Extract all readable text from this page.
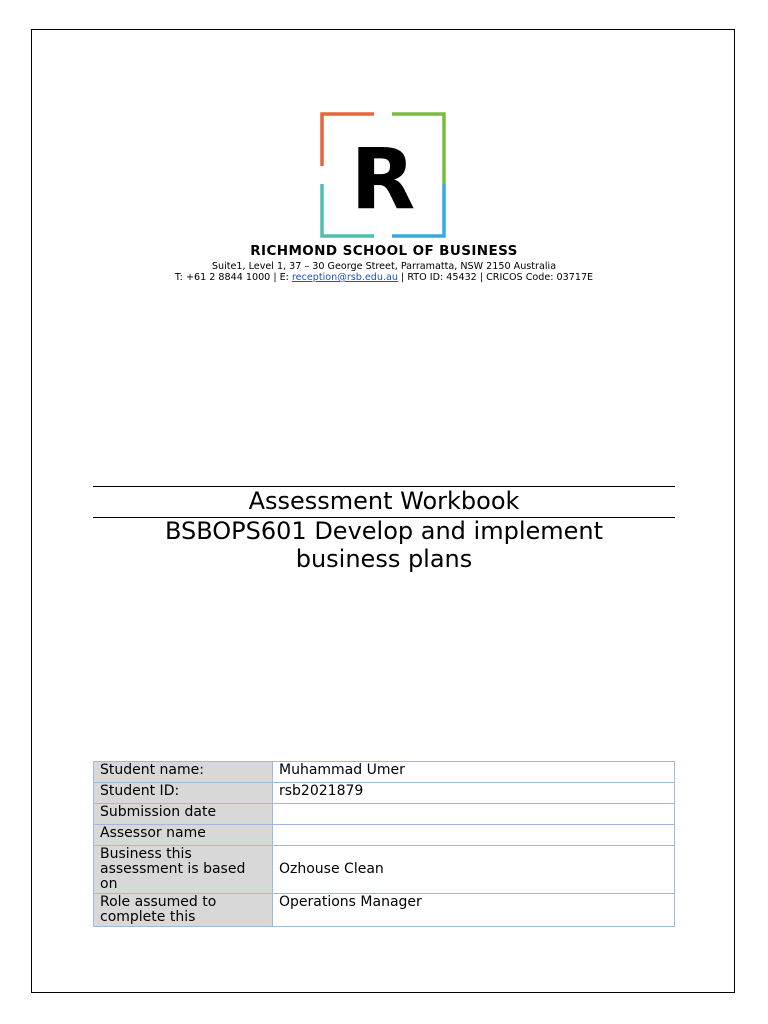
R
RICHMOND SCHOOL OF BUSINESS
Suite1, Level 1, 37 – 30 George Street, Parramatta, NSW 2150 Australia
T: +61 2 8844 1000 | E: reception@rsb.edu.au | RTO ID: 45432 | CRICOS Code: 03717E
Assessment Workbook
BSBOPS601 Develop and implement
business plans
Student name:	Muhammad Umer
Student ID:	rsb2021879
Submission date	
Assessor name	
Business this assessment is based on	Ozhouse Clean
Role assumed to complete this	Operations Manager
